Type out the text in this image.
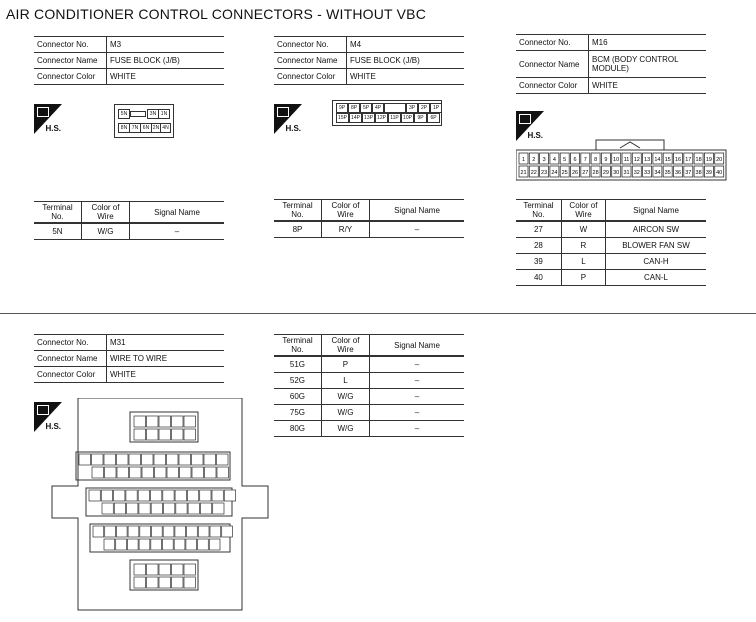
AIR CONDITIONER CONTROL CONNECTORS - WITHOUT VBC
Connector No.	M3
Connector Name	FUSE BLOCK (J/B)
Connector Color	WHITE
H.S.
5N	3N 1N
8N 7N 6N 2N 4N
Terminal No.	Color of Wire	Signal Name
5N	W/G	–
Connector No.	M4
Connector Name	FUSE BLOCK (J/B)
Connector Color	WHITE
H.S.
9P	8P	5P	4P	3P	2P	1P
15P 14P 13P 12P 11P 10P	9P	6P
Terminal No.	Color of Wire	Signal Name
8P	R/Y	–
Connector No.	M16
Connector Name	BCM (BODY CONTROL MODULE)
Connector Color	WHITE
H.S.
1 2 3 4 5 6 7 8 9 10 11 12 13 14 15 16 17 18 19 20
21 22 23 24 25 26 27 28 29 30 31 32 33 34 35 36 37 38 39 40
Terminal No.	Color of Wire	Signal Name
27	W	AIRCON SW
28	R	BLOWER FAN SW
39	L	CAN-H
40	P	CAN-L
Connector No.	M31
Connector Name	WIRE TO WIRE
Connector Color	WHITE
H.S.
Terminal No.	Color of Wire	Signal Name
51G	P	–
52G	L	–
60G	W/G	–
75G	W/G	–
80G	W/G	–
